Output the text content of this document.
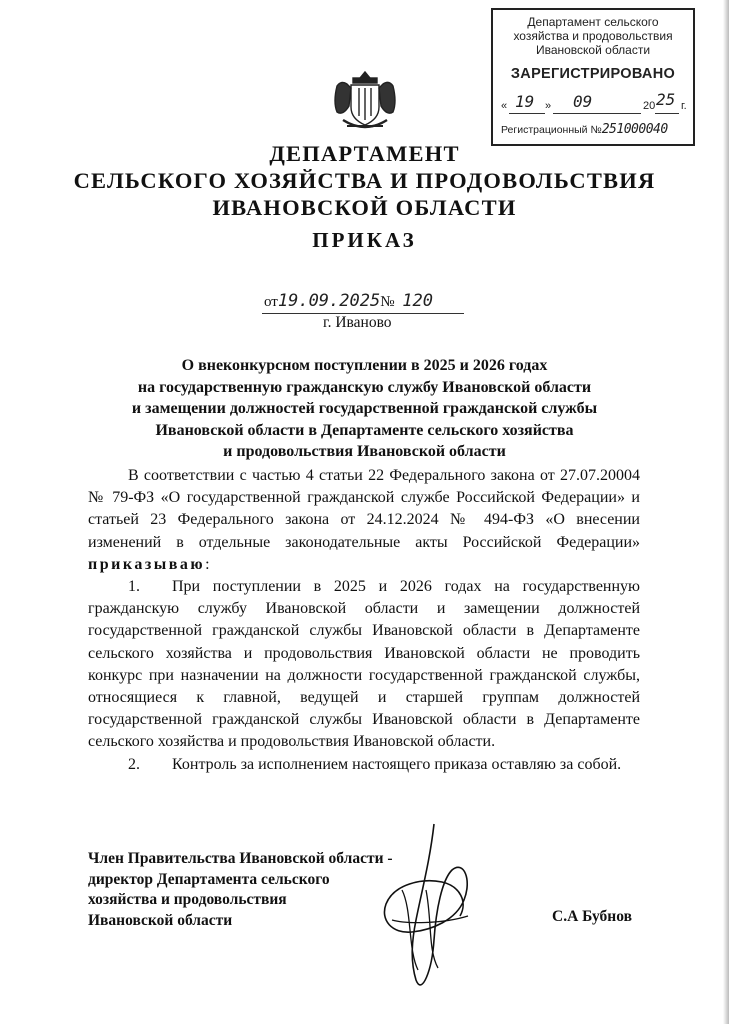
Департамент сельского
хозяйства и продовольствия
Ивановской области
ЗАРЕГИСТРИРОВАНО
« 19 » 09	20 25 г.
Регистрационный №251000040
ДЕПАРТАМЕНТ
СЕЛЬСКОГО ХОЗЯЙСТВА И ПРОДОВОЛЬСТВИЯ
ИВАНОВСКОЙ ОБЛАСТИ
ПРИКАЗ
от19.09.2025№ 120
г. Иваново
О внеконкурсном поступлении в 2025 и 2026 годах
на государственную гражданскую службу Ивановской области
и замещении должностей государственной гражданской службы
Ивановской области в Департаменте сельского хозяйства
и продовольствия Ивановской области

В соответствии с частью 4 статьи 22 Федерального закона от 27.07.20004 № 79-ФЗ «О государственной гражданской службе Российской Федерации» и статьей 23 Федерального закона от 24.12.2024 № 494-ФЗ «О внесении изменений в отдельные законодательные акты Российской Федерации» приказываю:

1. При поступлении в 2025 и 2026 годах на государственную гражданскую службу Ивановской области и замещении должностей государственной гражданской службы Ивановской области в Департаменте сельского хозяйства и продовольствия Ивановской области не проводить конкурс при назначении на должности государственной гражданской службы, относящиеся к главной, ведущей и старшей группам должностей государственной гражданской службы Ивановской области в Департаменте сельского хозяйства и продовольствия Ивановской области.

2. Контроль за исполнением настоящего приказа оставляю за собой.

Член Правительства Ивановской области -
директор Департамента сельского
хозяйства и продовольствия
Ивановской области	С.А Бубнов
